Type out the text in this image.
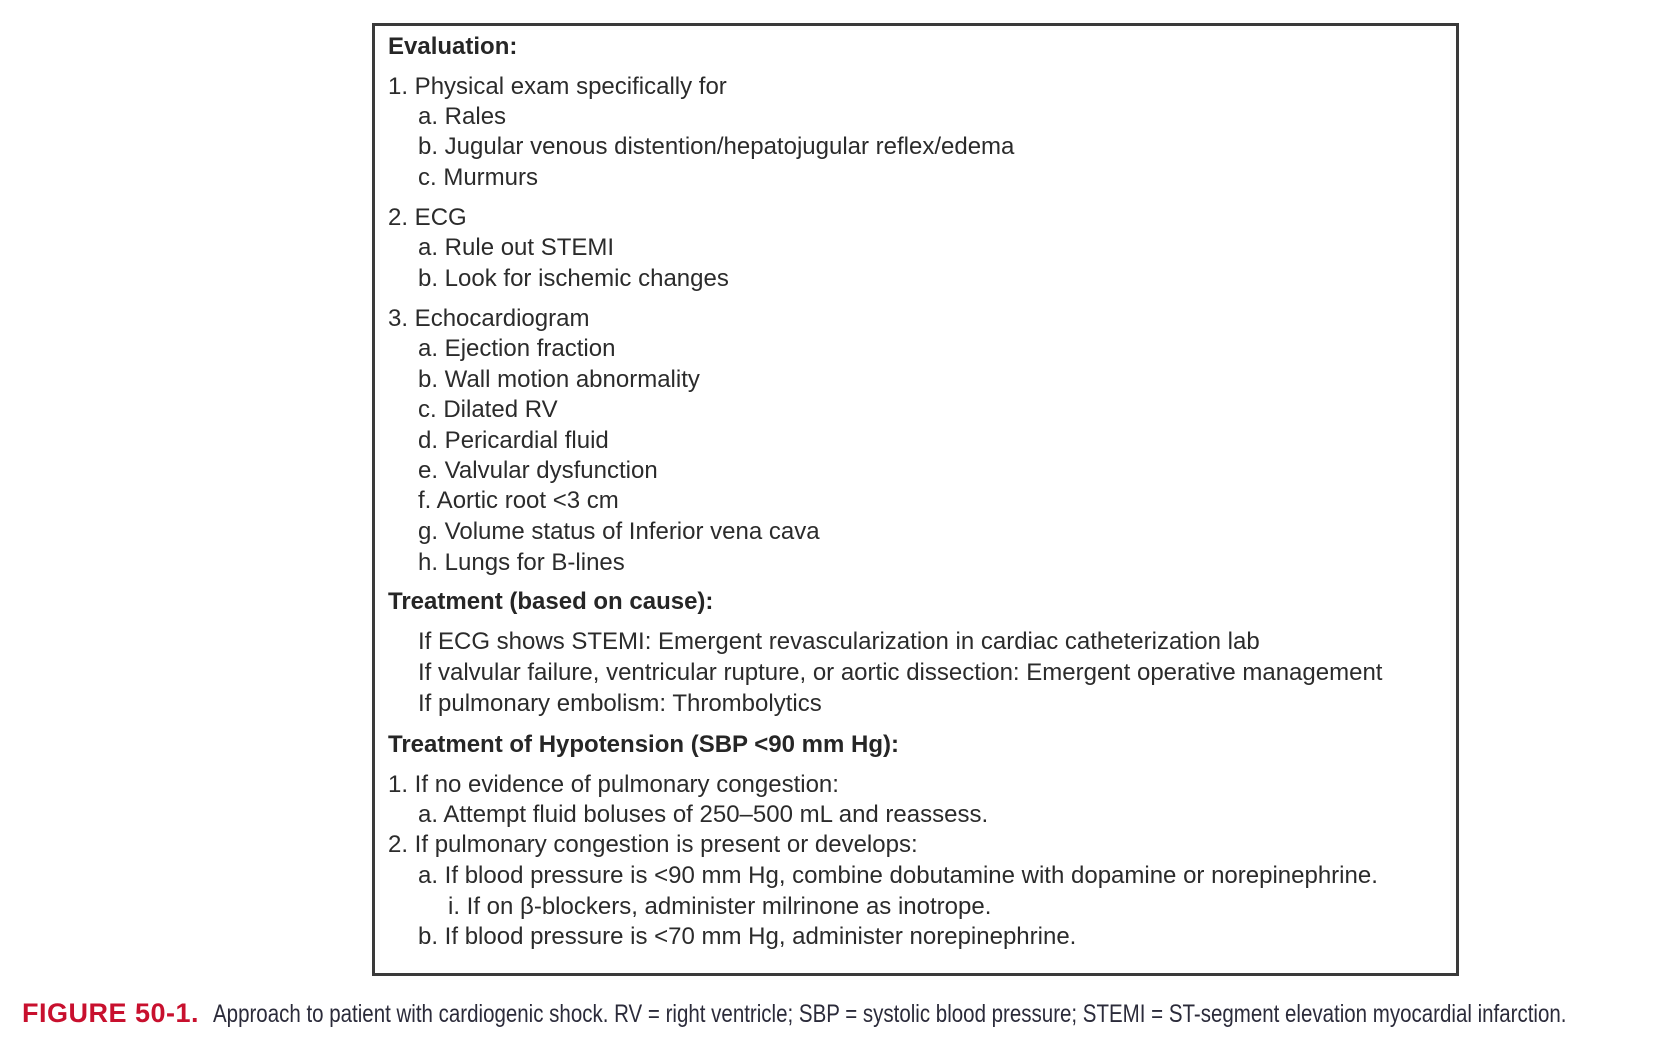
Evaluation:
1. Physical exam specifically for
a. Rales
b. Jugular venous distention/hepatojugular reflex/edema
c. Murmurs
2. ECG
a. Rule out STEMI
b. Look for ischemic changes
3. Echocardiogram
a. Ejection fraction
b. Wall motion abnormality
c. Dilated RV
d. Pericardial fluid
e. Valvular dysfunction
f. Aortic root <3 cm
g. Volume status of Inferior vena cava
h. Lungs for B-lines
Treatment (based on cause):
If ECG shows STEMI: Emergent revascularization in cardiac catheterization lab
If valvular failure, ventricular rupture, or aortic dissection: Emergent operative management
If pulmonary embolism: Thrombolytics
Treatment of Hypotension (SBP <90 mm Hg):
1. If no evidence of pulmonary congestion:
a. Attempt fluid boluses of 250–500 mL and reassess.
2. If pulmonary congestion is present or develops:
a. If blood pressure is <90 mm Hg, combine dobutamine with dopamine or norepinephrine.
i. If on β-blockers, administer milrinone as inotrope.
b. If blood pressure is <70 mm Hg, administer norepinephrine.
FIGURE 50-1. Approach to patient with cardiogenic shock. RV = right ventricle; SBP = systolic blood pressure; STEMI = ST-segment elevation myocardial infarction.
